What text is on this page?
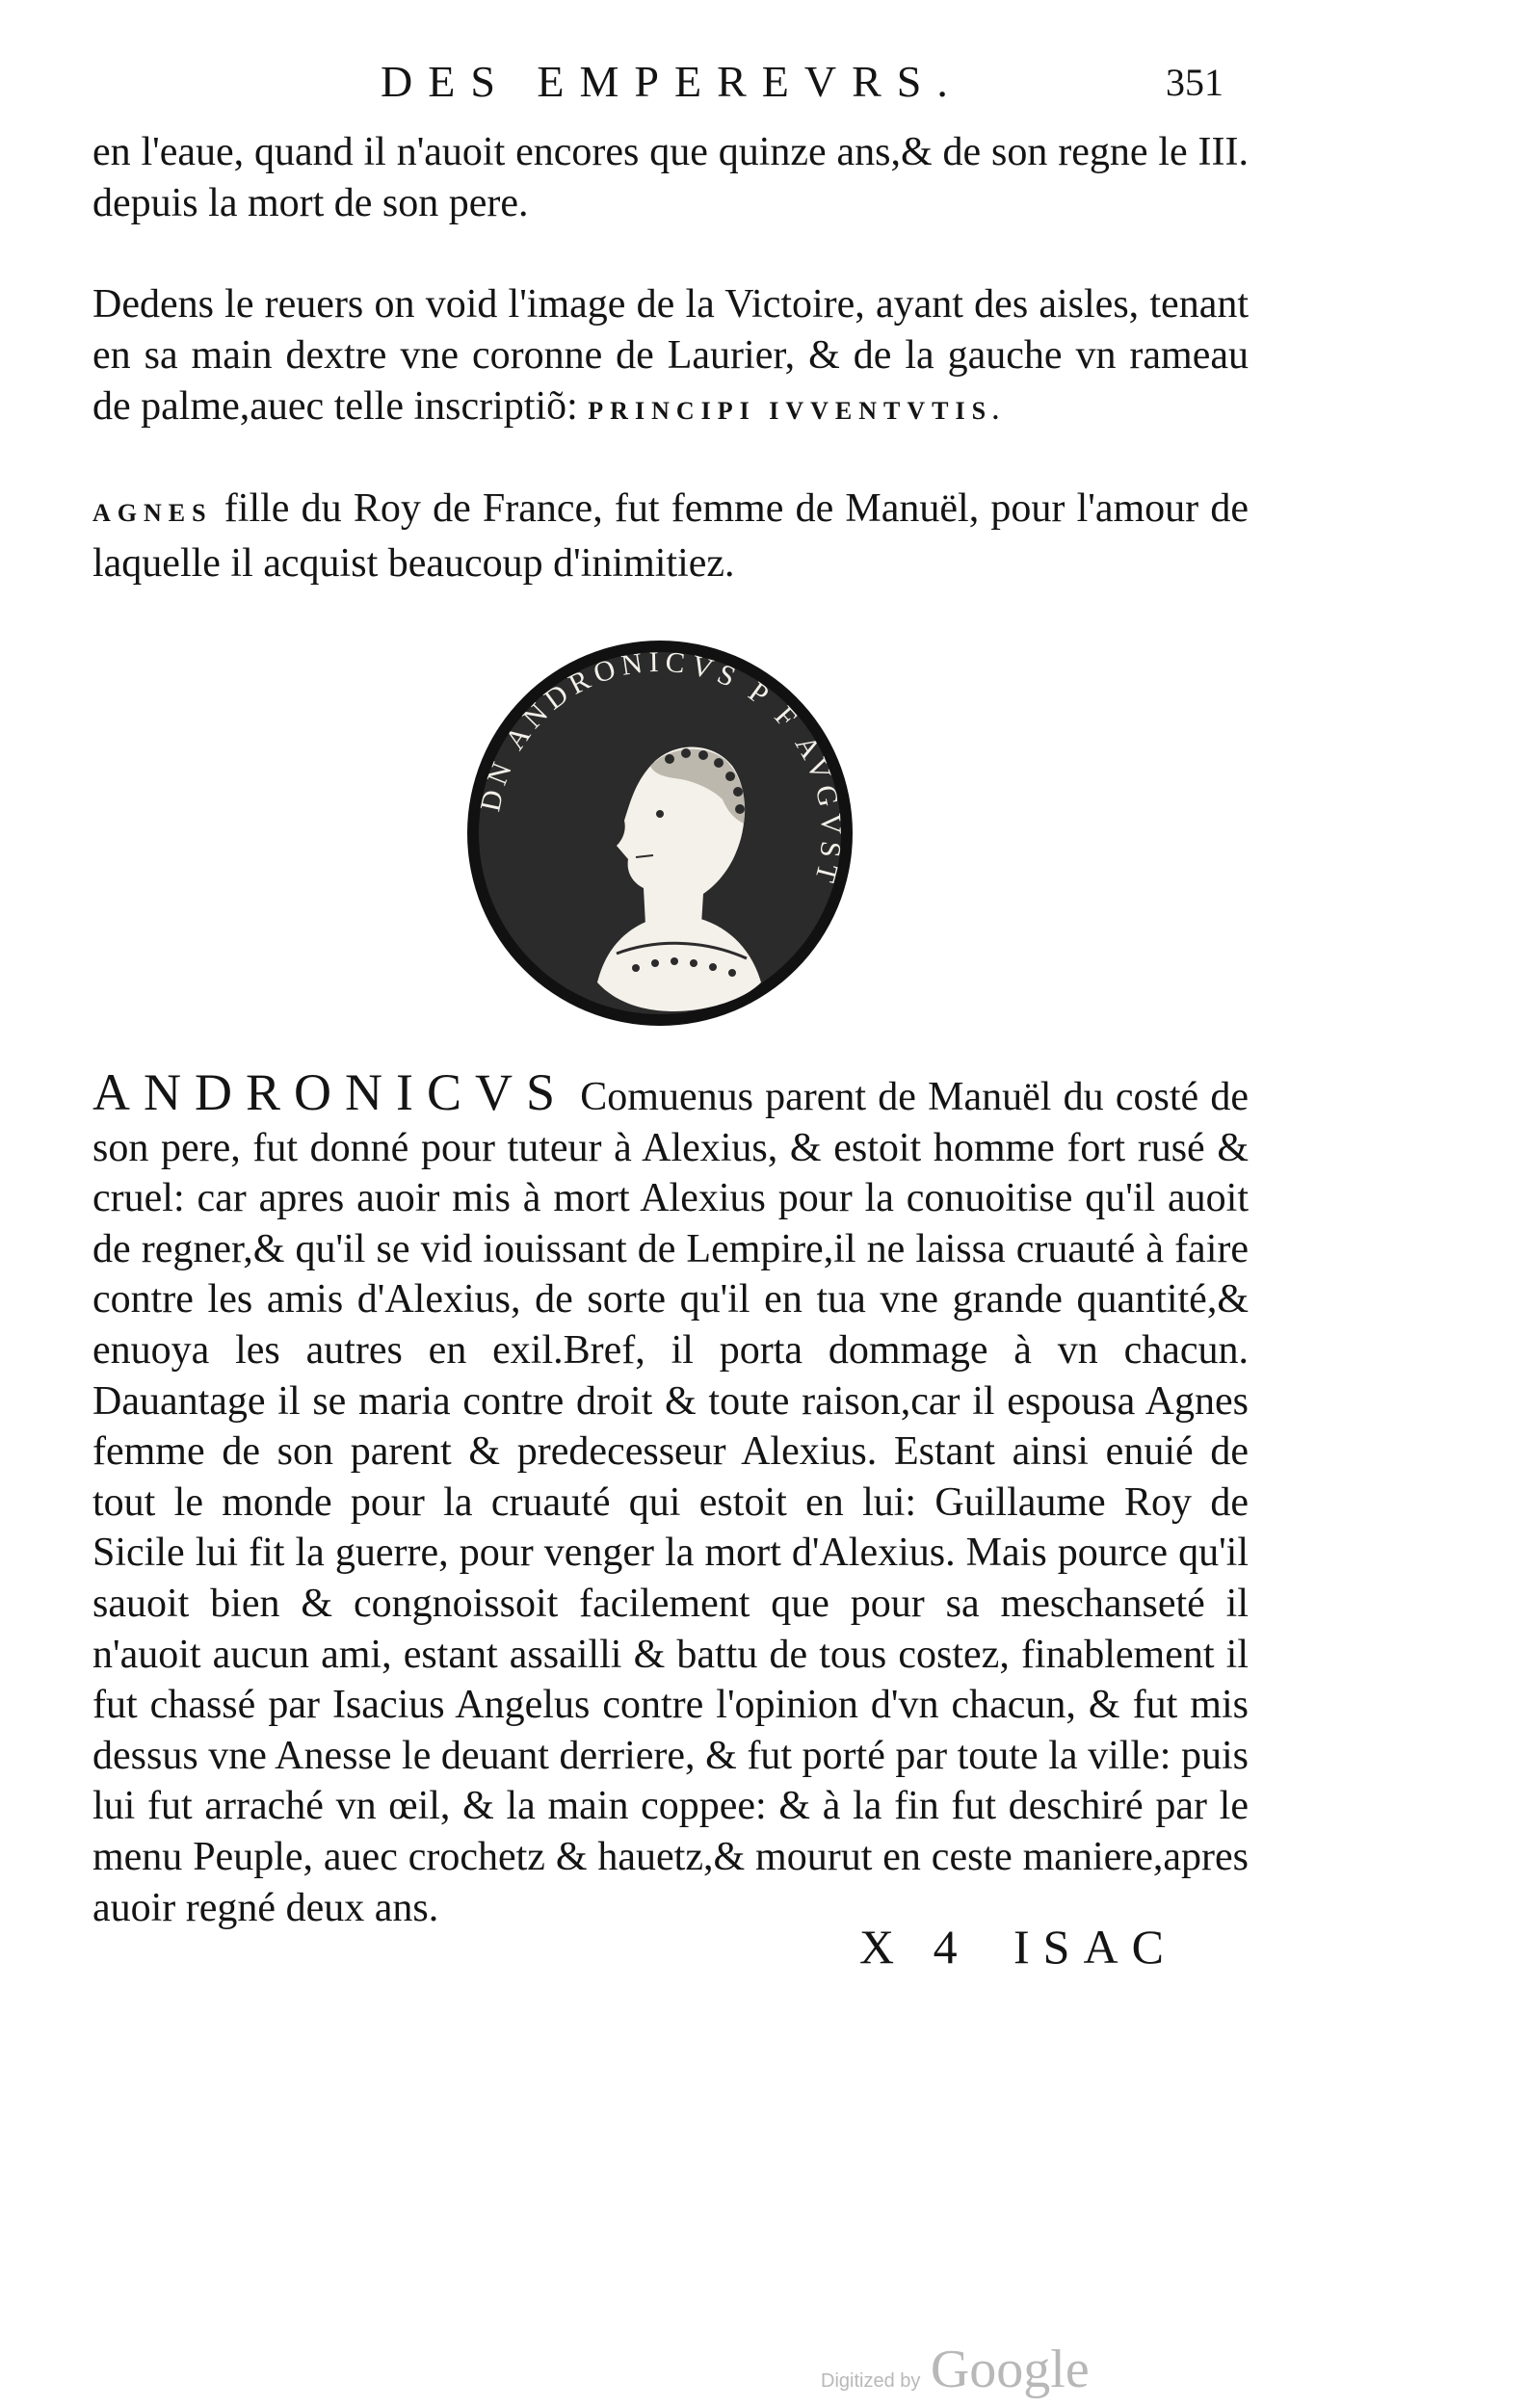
DES EMPEREVRS.	351

en l'eaue, quand il n'auoit encores que quinze ans,& de son regne le III. depuis la mort de son pere.

Dedens le reuers on void l'image de la Victoire, ayant des aisles, tenant en sa main dextre vne coronne de Laurier, & de la gauche vn rameau de palme,auec telle inscriptiõ: PRINCIPI IVVENTVTIS.

AGNES fille du Roy de France, fut femme de Manuël, pour l'amour de laquelle il acquist beaucoup d'inimitiez.

DN ANDRONICVS P F AVGVST

ANDRONICVS Comuenus parent de Manuël du costé de son pere, fut donné pour tuteur à Alexius, & estoit homme fort rusé & cruel: car apres auoir mis à mort Alexius pour la conuoitise qu'il auoit de regner,& qu'il se vid iouissant de Lempire,il ne laissa cruauté à faire contre les amis d'Alexius, de sorte qu'il en tua vne grande quantité,& enuoya les autres en exil.Bref, il porta dommage à vn chacun. Dauantage il se maria contre droit & toute raison,car il espousa Agnes femme de son parent & predecesseur Alexius. Estant ainsi enuié de tout le monde pour la cruauté qui estoit en lui: Guillaume Roy de Sicile lui fit la guerre, pour venger la mort d'Alexius. Mais pource qu'il sauoit bien & congnoissoit facilement que pour sa meschanseté il n'auoit aucun ami, estant assailli & battu de tous costez, finablement il fut chassé par Isacius Angelus contre l'opinion d'vn chacun, & fut mis dessus vne Anesse le deuant derriere, & fut porté par toute la ville: puis lui fut arraché vn œil, & la main coppee: & à la fin fut deschiré par le menu Peuple, auec crochetz & hauetz,& mourut en ceste maniere,apres auoir regné deux ans.

X 4 ISAC
Digitized by Google
